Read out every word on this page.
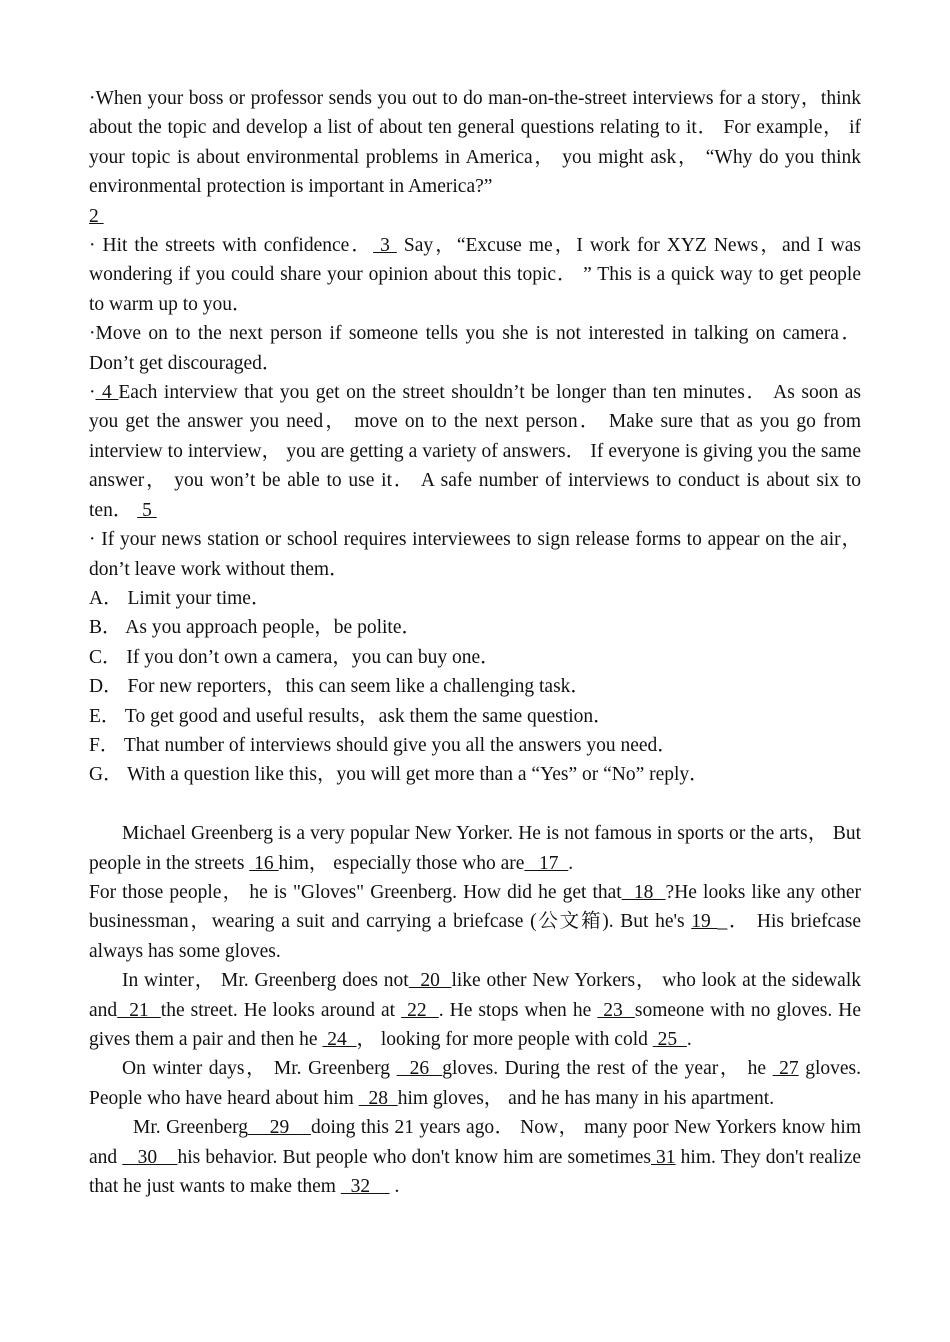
·When your boss or professor sends you out to do man-on-the-street interviews for a story，think about the topic and develop a list of about ten general questions relating to it． For example， if your topic is about environmental problems in America， you might ask， “Why do you think environmental protection is important in America?”
2

· Hit the streets with confidence． 3  Say，“Excuse me，I work for XYZ News，and I was wondering if you could share your opinion about this topic． ” This is a quick way to get people to warm up to you．

·Move on to the next person if someone tells you she is not interested in talking on camera． Don’t get discouraged．

· 4 Each interview that you get on the street shouldn’t be longer than ten minutes． As soon as you get the answer you need， move on to the next person． Make sure that as you go from interview to interview， you are getting a variety of answers． If everyone is giving you the same answer， you won’t be able to use it． A safe number of interviews to conduct is about six to ten．  5

· If your news station or school requires interviewees to sign release forms to appear on the air，don’t leave work without them．

A． Limit your time．

B． As you approach people，be polite．

C． If you don’t own a camera，you can buy one．

D． For new reporters，this can seem like a challenging task．

E． To get good and useful results，ask them the same question．

F． That number of interviews should give you all the answers you need．

G． With a question like this，you will get more than a “Yes” or “No” reply．

Michael Greenberg is a very popular New Yorker. He is not famous in sports or the arts， But people in the streets  16 him， especially those who are   17  .

For those people， he is "Gloves" Greenberg. How did he get that  18  ?He looks like any other businessman，wearing a suit and carrying a briefcase (公文箱). But he's 19 _． His briefcase always has some gloves.

In winter， Mr. Greenberg does not  20  like other New Yorkers， who look at the sidewalk and  21  the street. He looks around at  22  . He stops when he  23  someone with no gloves. He gives them a pair and then he  24  ， looking for more people with cold  25  .

On winter days， Mr. Greenberg   26  gloves. During the rest of the year， he  27 gloves. People who have heard about him   28  him gloves， and he has many in his apartment.

Mr. Greenberg    29    doing this 21 years ago． Now， many poor New Yorkers know him and    30    his behavior. But people who don't know him are sometimes 31 him. They don't realize that he just wants to make them   32     .
